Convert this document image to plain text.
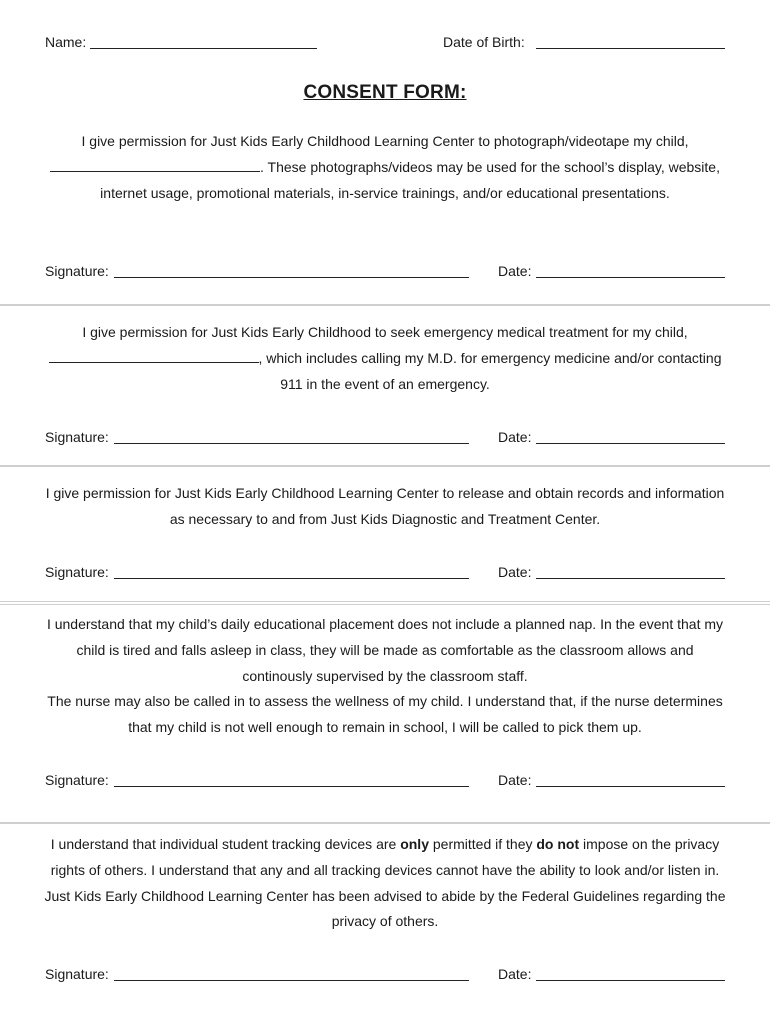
Name:	Date of Birth:
CONSENT FORM:
I give permission for Just Kids Early Childhood Learning Center to photograph/videotape my child, . These photographs/videos may be used for the school’s display, website, internet usage, promotional materials, in-service trainings, and/or educational presentations.
Signature:	Date:
I give permission for Just Kids Early Childhood to seek emergency medical treatment for my child, , which includes calling my M.D. for emergency medicine and/or contacting 911 in the event of an emergency.
Signature:	Date:
I give permission for Just Kids Early Childhood Learning Center to release and obtain records and information as necessary to and from Just Kids Diagnostic and Treatment Center.
Signature:	Date:
I understand that my child’s daily educational placement does not include a planned nap. In the event that my child is tired and falls asleep in class, they will be made as comfortable as the classroom allows and continously supervised by the classroom staff.
The nurse may also be called in to assess the wellness of my child. I understand that, if the nurse determines that my child is not well enough to remain in school, I will be called to pick them up.
Signature:	Date:
I understand that individual student tracking devices are only permitted if they do not impose on the privacy rights of others. I understand that any and all tracking devices cannot have the ability to look and/or listen in. Just Kids Early Childhood Learning Center has been advised to abide by the Federal Guidelines regarding the privacy of others.
Signature:	Date:
